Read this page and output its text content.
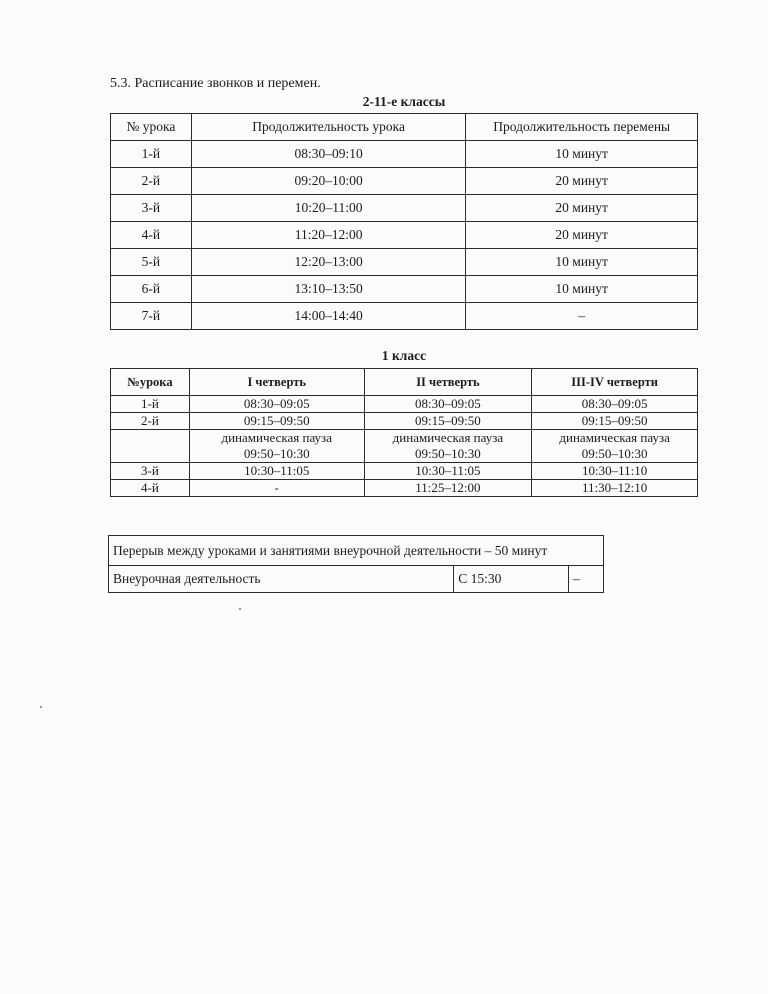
5.3. Расписание звонков и перемен.
2-11-е классы
№ урока	Продолжительность урока	Продолжительность перемены
1-й	08:30–09:10	10 минут
2-й	09:20–10:00	20 минут
3-й	10:20–11:00	20 минут
4-й	11:20–12:00	20 минут
5-й	12:20–13:00	10 минут
6-й	13:10–13:50	10 минут
7-й	14:00–14:40	–
1 класс
№урока	I четверть	II четверть	III-IV четверти
1-й	08:30–09:05	08:30–09:05	08:30–09:05
2-й	09:15–09:50	09:15–09:50	09:15–09:50
	динамическая пауза	динамическая пауза	динамическая пауза
	09:50–10:30	09:50–10:30	09:50–10:30
3-й	10:30–11:05	10:30–11:05	10:30–11:10
4-й	-	11:25–12:00	11:30–12:10
Перерыв между уроками и занятиями внеурочной деятельности – 50 минут
Внеурочная деятельность	С 15:30	–
